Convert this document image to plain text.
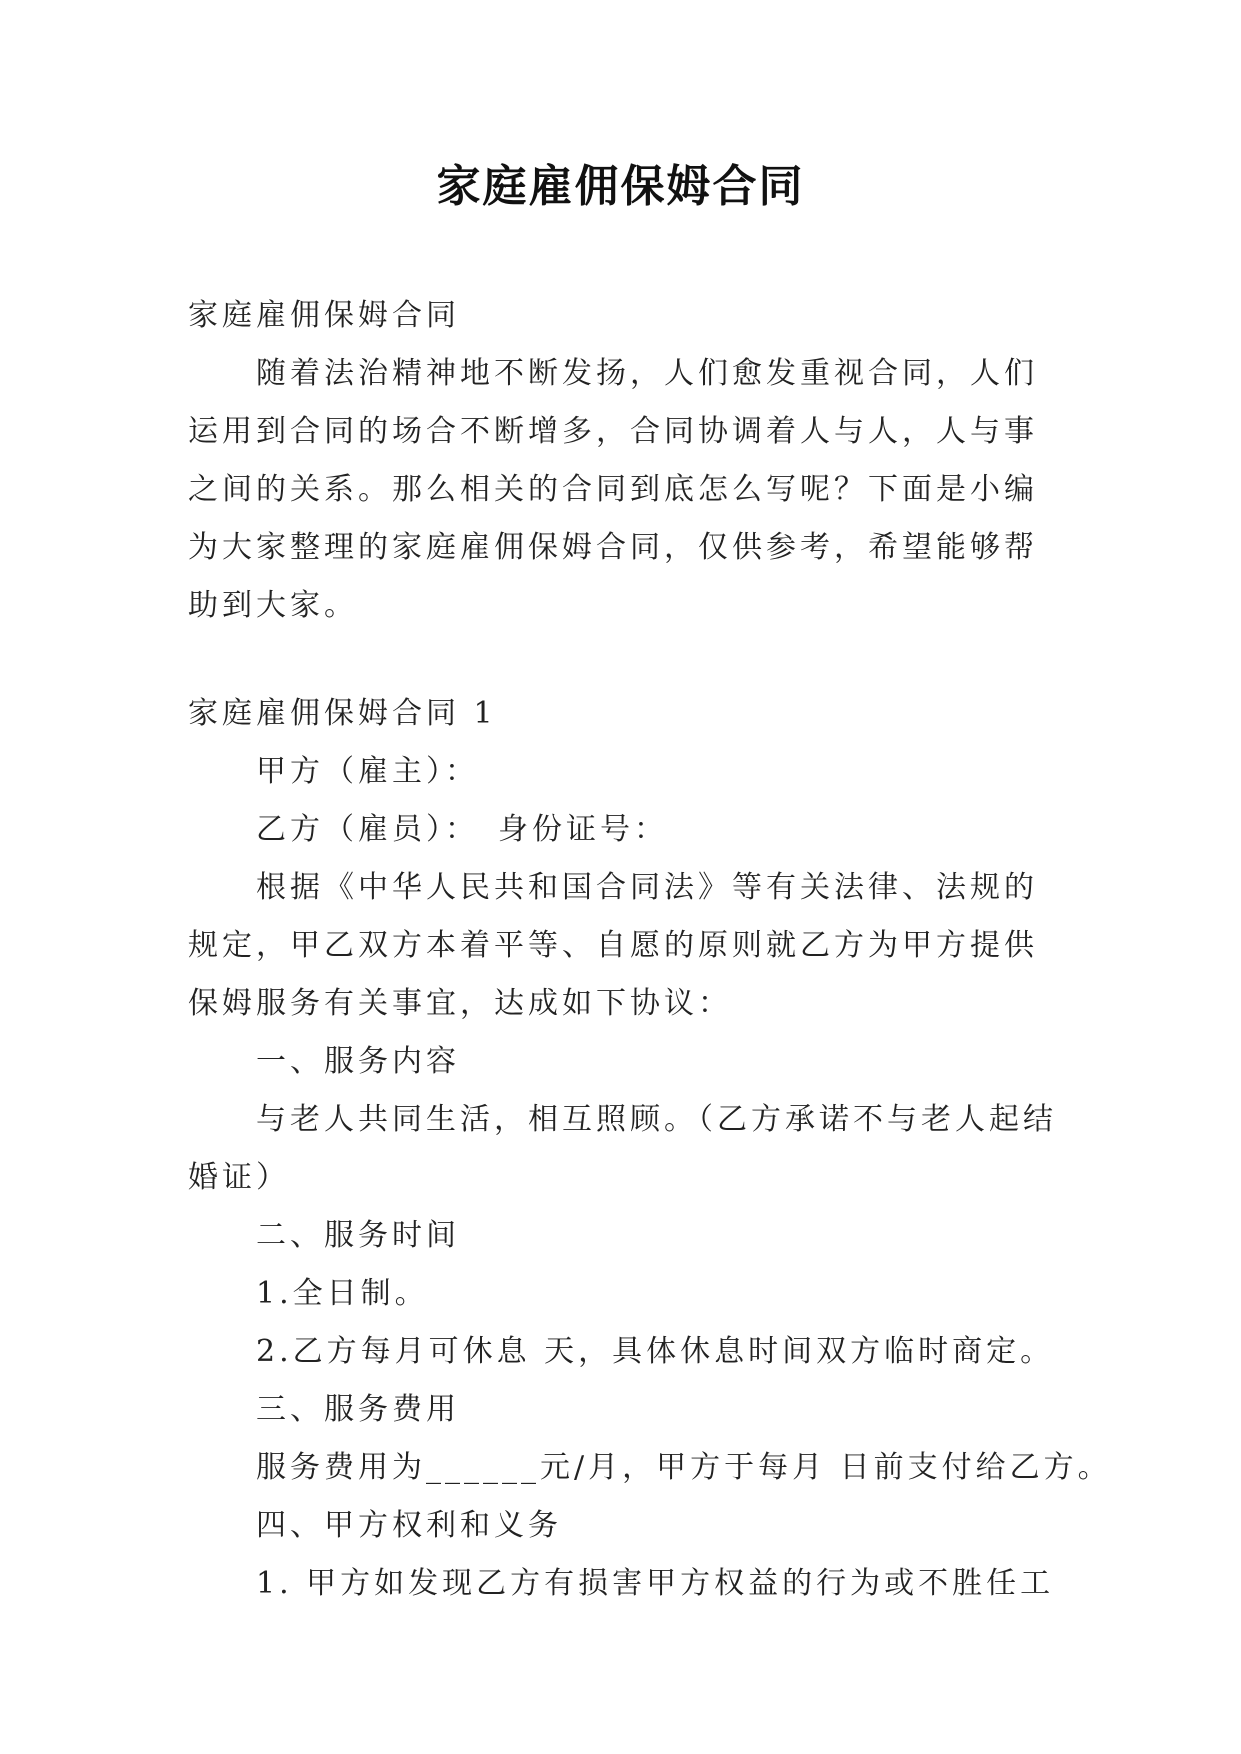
家庭雇佣保姆合同

家庭雇佣保姆合同

随着法治精神地不断发扬，人们愈发重视合同，人们运用到合同的场合不断增多，合同协调着人与人，人与事之间的关系。那么相关的合同到底怎么写呢？下面是小编为大家整理的家庭雇佣保姆合同，仅供参考，希望能够帮助到大家。

家庭雇佣保姆合同 1

甲方（雇主）：

乙方（雇员）：　身份证号：

根据《中华人民共和国合同法》等有关法律、法规的规定，甲乙双方本着平等、自愿的原则就乙方为甲方提供保姆服务有关事宜，达成如下协议：

一、服务内容

与老人共同生活，相互照顾。（乙方承诺不与老人起结婚证）

二、服务时间

1.全日制。

2.乙方每月可休息 天，具体休息时间双方临时商定。

三、服务费用

服务费用为______元/月，甲方于每月 日前支付给乙方。

四、甲方权利和义务

1. 甲方如发现乙方有损害甲方权益的行为或不胜任工
